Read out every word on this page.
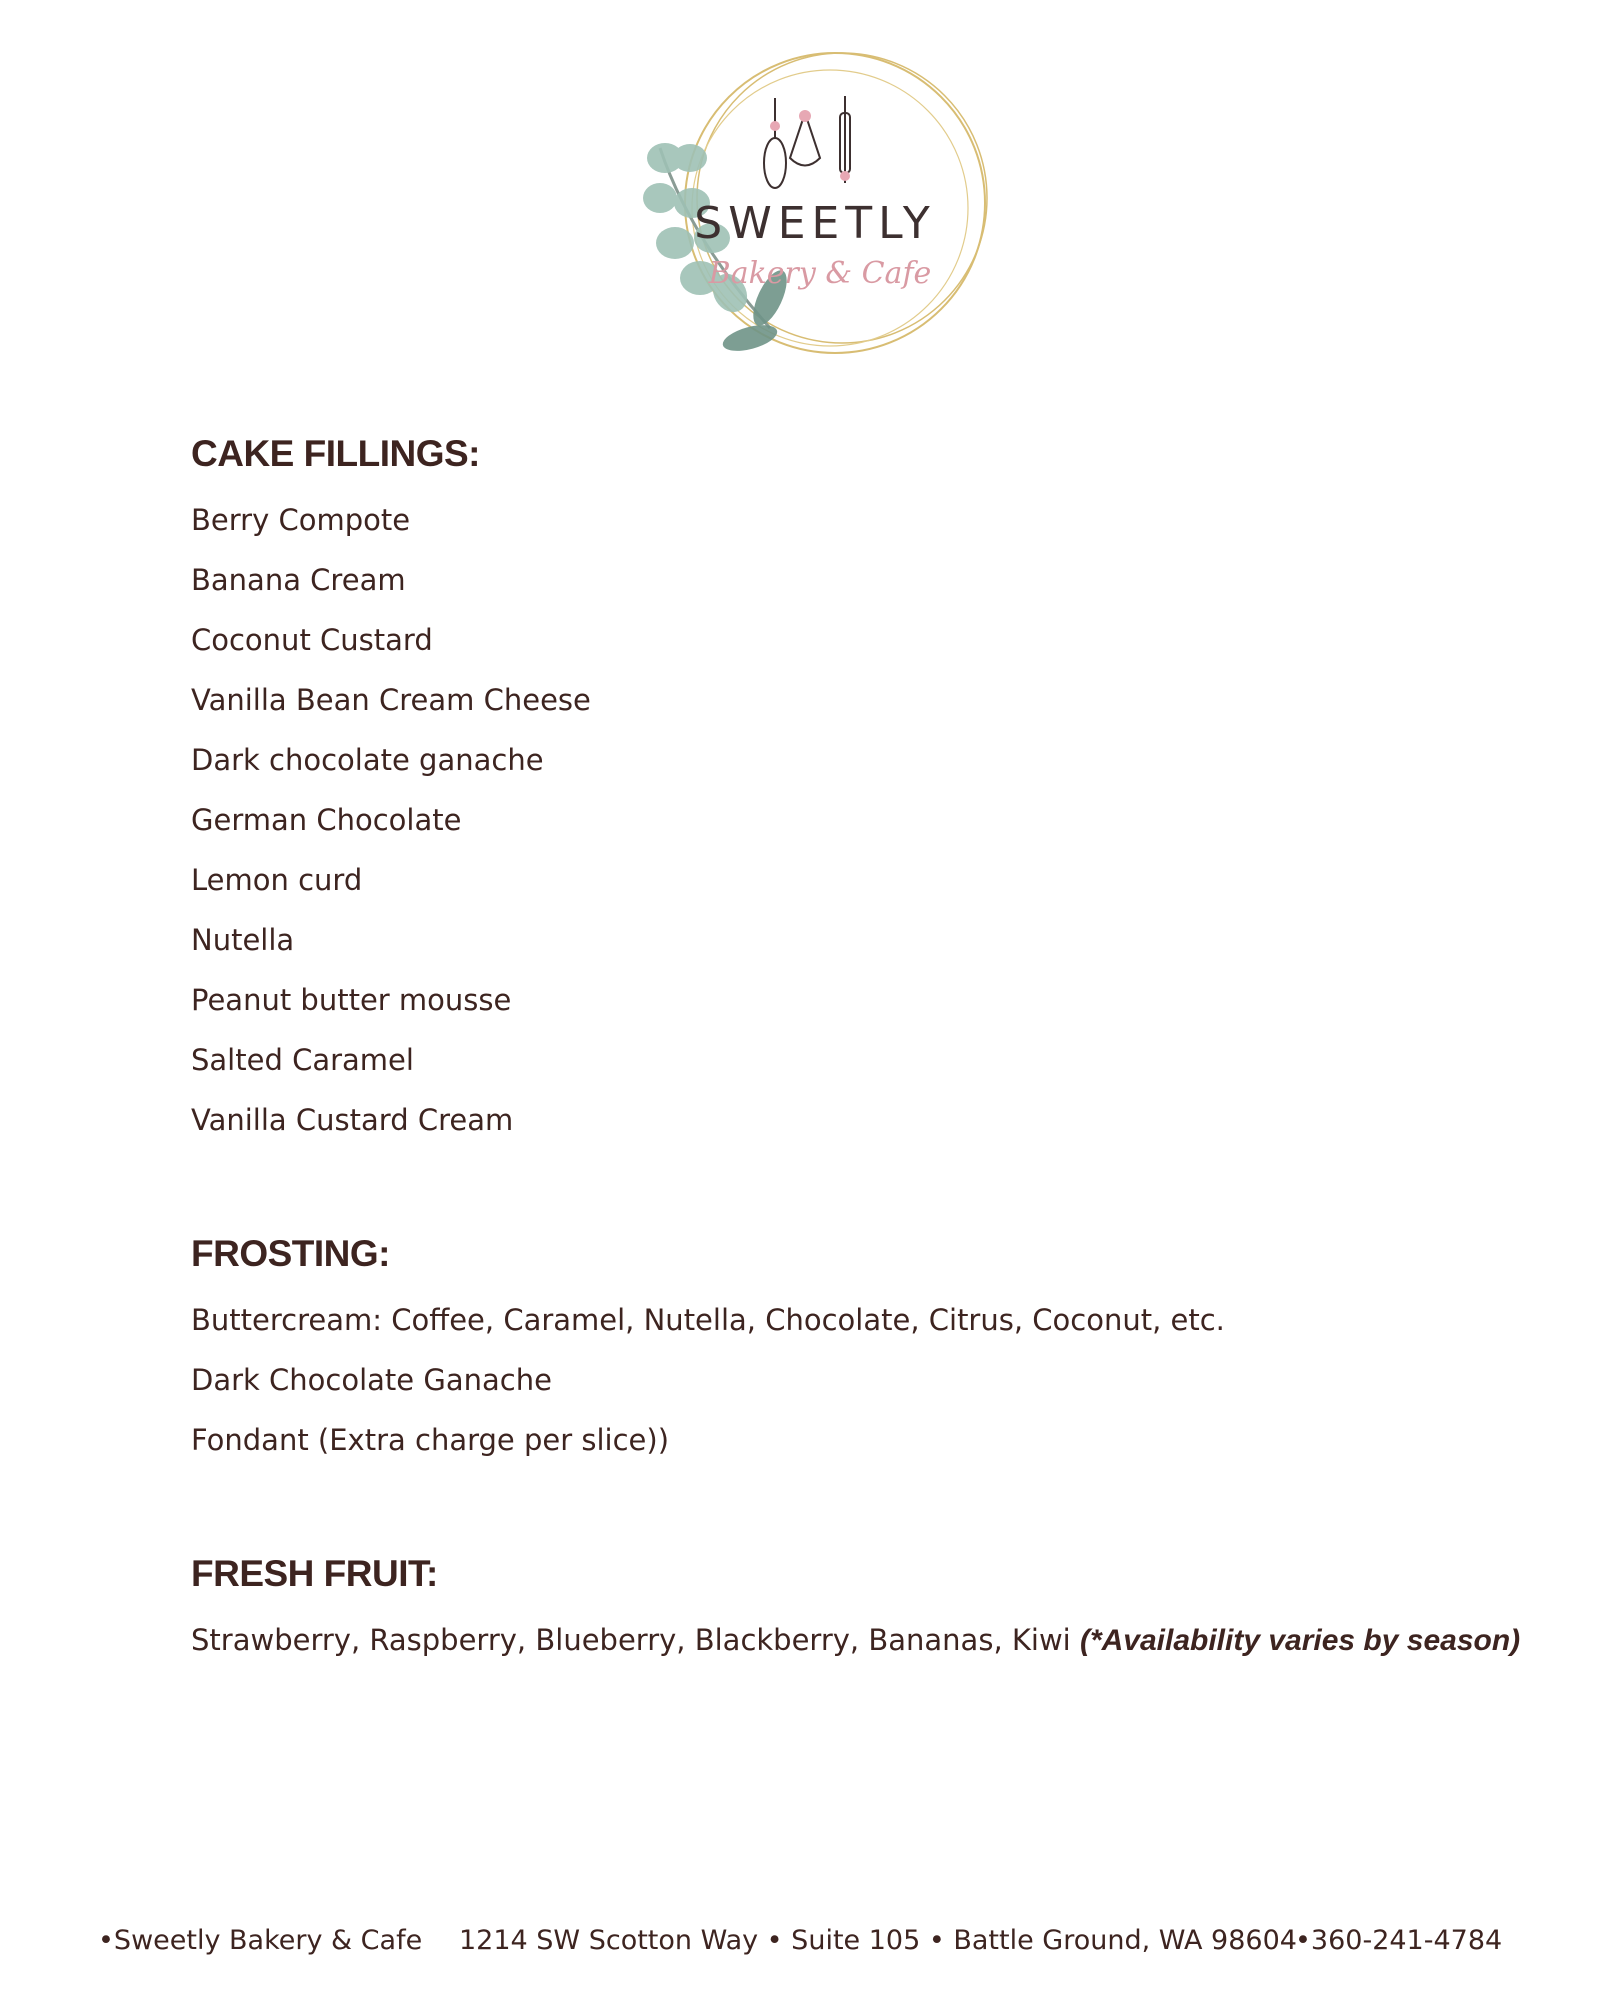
SWEETLY
Bakery & Cafe
CAKE FILLINGS:
Berry Compote
Banana Cream
Coconut Custard
Vanilla Bean Cream Cheese
Dark chocolate ganache
German Chocolate
Lemon curd
Nutella
Peanut butter mousse
Salted Caramel
Vanilla Custard Cream
FROSTING:
Buttercream: Coffee, Caramel, Nutella, Chocolate, Citrus, Coconut, etc.
Dark Chocolate Ganache
Fondant (Extra charge per slice))
FRESH FRUIT:
Strawberry, Raspberry, Blueberry, Blackberry, Bananas, Kiwi (*Availability varies by season)
•Sweetly Bakery & Cafe 1214 SW Scotton Way • Suite 105 • Battle Ground, WA 98604
•360-241-4784
